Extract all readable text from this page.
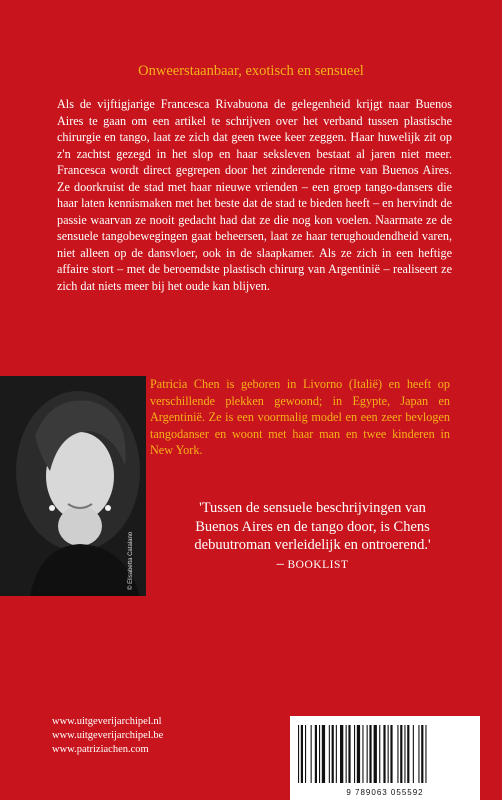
Onweerstaanbaar, exotisch en sensueel

Als de vijftigjarige Francesca Rivabuona de gelegenheid krijgt naar Buenos Aires te gaan om een artikel te schrijven over het verband tussen plastische chirurgie en tango, laat ze zich dat geen twee keer zeggen. Haar huwelijk zit op z'n zachtst gezegd in het slop en haar seksleven bestaat al jaren niet meer. Francesca wordt direct gegrepen door het zinderende ritme van Buenos Aires. Ze doorkruist de stad met haar nieuwe vrienden – een groep tango-dansers die haar laten kennismaken met het beste dat de stad te bieden heeft – en hervindt de passie waarvan ze nooit gedacht had dat ze die nog kon voelen. Naarmate ze de sensuele tangobewegingen gaat beheersen, laat ze haar terughoudendheid varen, niet alleen op de dansvloer, ook in de slaapkamer. Als ze zich in een heftige affaire stort – met de beroemdste plastisch chirurg van Argentinië – realiseert ze zich dat niets meer bij het oude kan blijven.

© Elisabetta Catalano

Patricia Chen is geboren in Livorno (Italië) en heeft op verschillende plekken gewoond; in Egypte, Japan en Argentinië. Ze is een voormalig model en een zeer bevlogen tangodanser en woont met haar man en twee kinderen in New York.

'Tussen de sensuele beschrijvingen van Buenos Aires en de tango door, is Chens debuutroman verleidelijk en ontroerend.' – BOOKLIST

www.uitgeverijarchipel.nl
www.uitgeverijarchipel.be
www.patriziachen.com
9 789063 055592
✱
ARCHIPEL
